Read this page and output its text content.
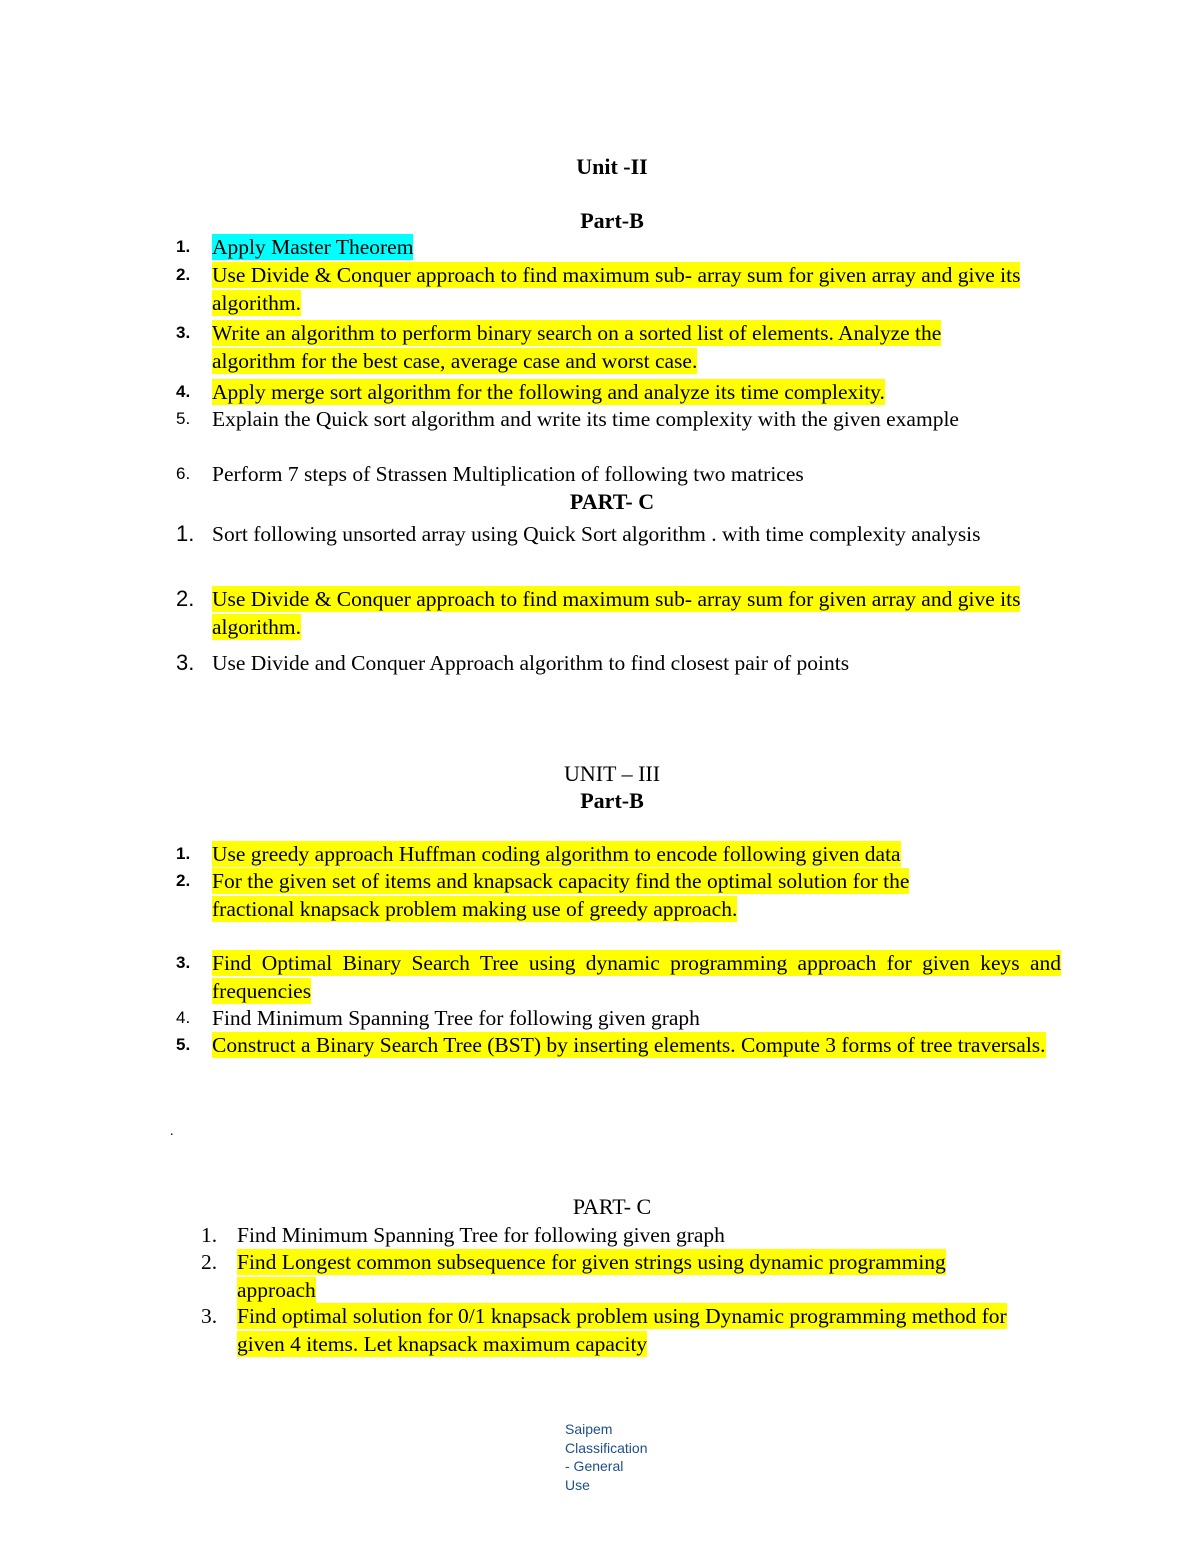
Unit -II
Part-B
1. Apply Master Theorem
2. Use Divide & Conquer approach to find maximum sub- array sum for given array and give its algorithm.
3. Write an algorithm to perform binary search on a sorted list of elements. Analyze the algorithm for the best case, average case and worst case.
4. Apply merge sort algorithm for the following and analyze its time complexity.
5. Explain the Quick sort algorithm and write its time complexity with the given example
6. Perform 7 steps of Strassen Multiplication of following two matrices
PART- C
1. Sort following unsorted array using Quick Sort algorithm . with time complexity analysis
2. Use Divide & Conquer approach to find maximum sub- array sum for given array and give its algorithm.
3. Use Divide and Conquer Approach algorithm to find closest pair of points
UNIT – III
Part-B
1. Use greedy approach Huffman coding algorithm to encode following given data
2. For the given set of items and knapsack capacity find the optimal solution for the fractional knapsack problem making use of greedy approach.
3. Find Optimal Binary Search Tree using dynamic programming approach for given keys and frequencies
4. Find Minimum Spanning Tree for following given graph
5. Construct a Binary Search Tree (BST) by inserting elements. Compute 3 forms of tree traversals.
.
PART- C
1. Find Minimum Spanning Tree for following given graph
2. Find Longest common subsequence for given strings using dynamic programming approach
3. Find optimal solution for 0/1 knapsack problem using Dynamic programming method for given 4 items. Let knapsack maximum capacity
Saipem Classification - General Use
